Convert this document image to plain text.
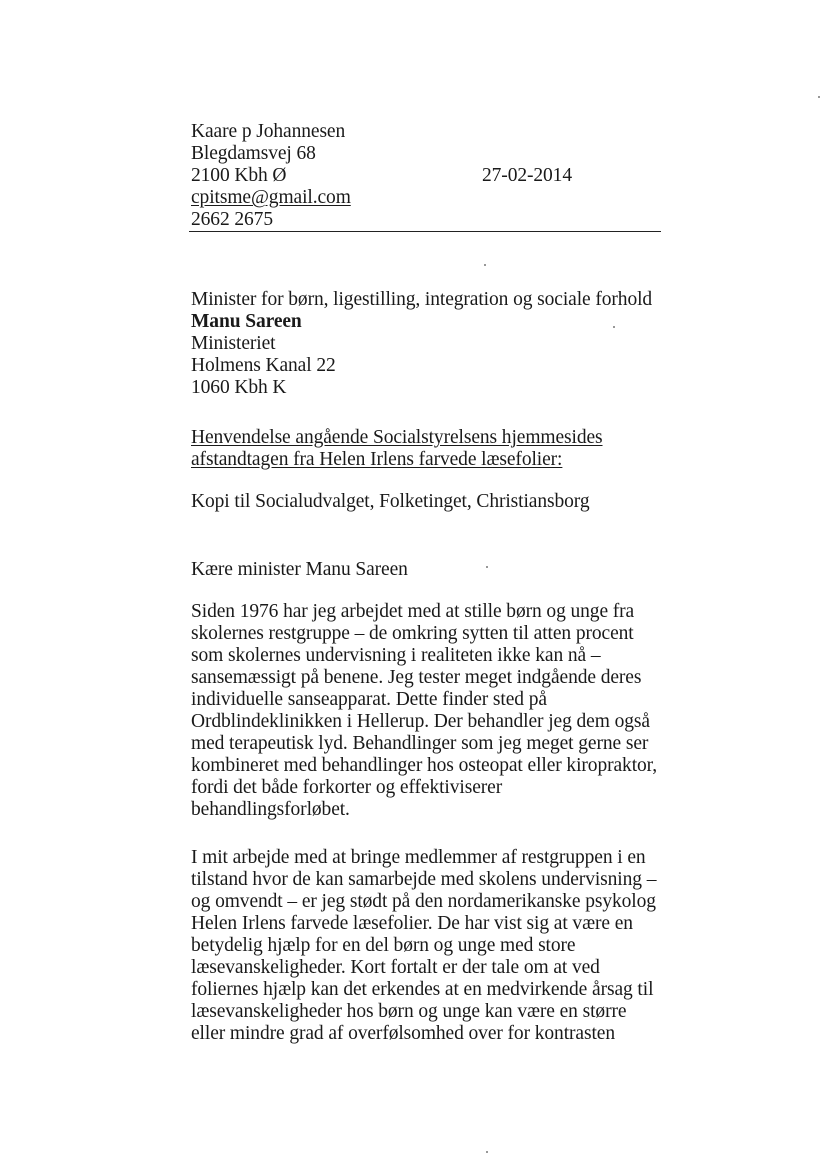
Kaare p Johannesen
Blegdamsvej 68
2100 Kbh Ø	27-02-2014
cpitsme@gmail.com
2662 2675
Minister for børn, ligestilling, integration og sociale forhold
Manu Sareen
Ministeriet
Holmens Kanal 22
1060 Kbh K
Henvendelse angående Socialstyrelsens hjemmesides
afstandtagen fra Helen Irlens farvede læsefolier:
Kopi til Socialudvalget, Folketinget, Christiansborg
Kære minister Manu Sareen
Siden 1976 har jeg arbejdet med at stille børn og unge fra
skolernes restgruppe – de omkring sytten til atten procent
som skolernes undervisning i realiteten ikke kan nå –
sansemæssigt på benene. Jeg tester meget indgående deres
individuelle sanseapparat. Dette finder sted på
Ordblindeklinikken i Hellerup. Der behandler jeg dem også
med terapeutisk lyd. Behandlinger som jeg meget gerne ser
kombineret med behandlinger hos osteopat eller kiropraktor,
fordi det både forkorter og effektiviserer
behandlingsforløbet.
I mit arbejde med at bringe medlemmer af restgruppen i en
tilstand hvor de kan samarbejde med skolens undervisning –
og omvendt – er jeg stødt på den nordamerikanske psykolog
Helen Irlens farvede læsefolier. De har vist sig at være en
betydelig hjælp for en del børn og unge med store
læsevanskeligheder. Kort fortalt er der tale om at ved
foliernes hjælp kan det erkendes at en medvirkende årsag til
læsevanskeligheder hos børn og unge kan være en større
eller mindre grad af overfølsomhed over for kontrasten
